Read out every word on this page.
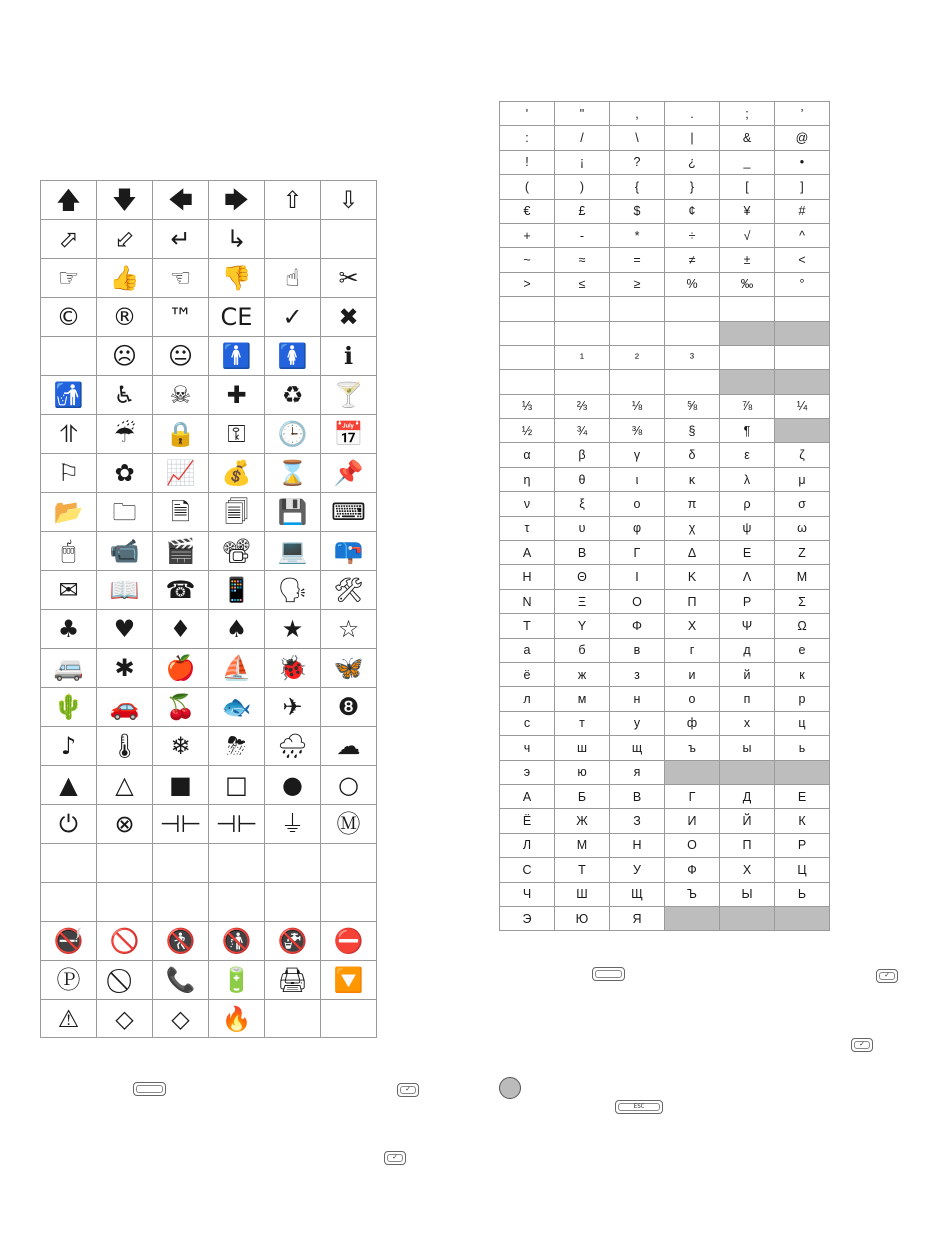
🡅	🡇	🡄	🡆	⇧	⇩
⬀	⬃	↵	↳		
☞	👍	☜	👎	☝	✂
©	®	™	CE	✓	✖
	☹	😐	🚹	🚺	ℹ
🚮	♿	☠	✚	♻	🍸
⥣	☔	🔒	⚿	🕒	📅
⚐	✿	📈	💰	⌛	📌
📂	🗀	🗎	🗐	💾	⌨
🖱	📹	🎬	📽	💻	📪
✉	📖	☎	📱	🗣	🛠
♣	♥	♦	♠	★	☆
🚐	✱	🍎	⛵	🐞	🦋
🌵	🚗	🍒	🐟	✈	❽
♪	🌡	❄	⛈	🌧	☁
▲	△	■	□	●	○
⏻	⊗	⊣⊢	⊣⊢	⏚	Ⓜ

🚭	🚫	🚷	🚯	🚱	⛔
Ⓟ		📞	🔋	🖨	🔽
⚠	◇	◇	🔥		
'	"	,	.	;	’
:	/	\	|	&	@
!	¡	?	¿	_	•
(	)	{	}	[	]
€	£	$	¢	¥	#
+	-	*	÷	√	^
~	≈	=	≠	±	<
>	≤	≥	%	‰	°

	¹	²	³		

⅓	⅔	⅛	⅝	⅞	¼
½	¾	⅜	§	¶	
α	β	γ	δ	ε	ζ
η	θ	ι	κ	λ	μ
ν	ξ	ο	π	ρ	σ
τ	υ	φ	χ	ψ	ω
Α	Β	Γ	Δ	Ε	Ζ
Η	Θ	Ι	Κ	Λ	Μ
Ν	Ξ	Ο	Π	Ρ	Σ
Τ	Υ	Φ	Χ	Ψ	Ω
а	б	в	г	д	е
ё	ж	з	и	й	к
л	м	н	о	п	р
с	т	у	ф	х	ц
ч	ш	щ	ъ	ы	ь
э	ю	я			
А	Б	В	Г	Д	Е
Ё	Ж	З	И	Й	К
Л	М	Н	О	П	Р
С	Т	У	Ф	Х	Ц
Ч	Ш	Щ	Ъ	Ы	Ь
Э	Ю	Я			
✓
✓
✓
✓
ESC
